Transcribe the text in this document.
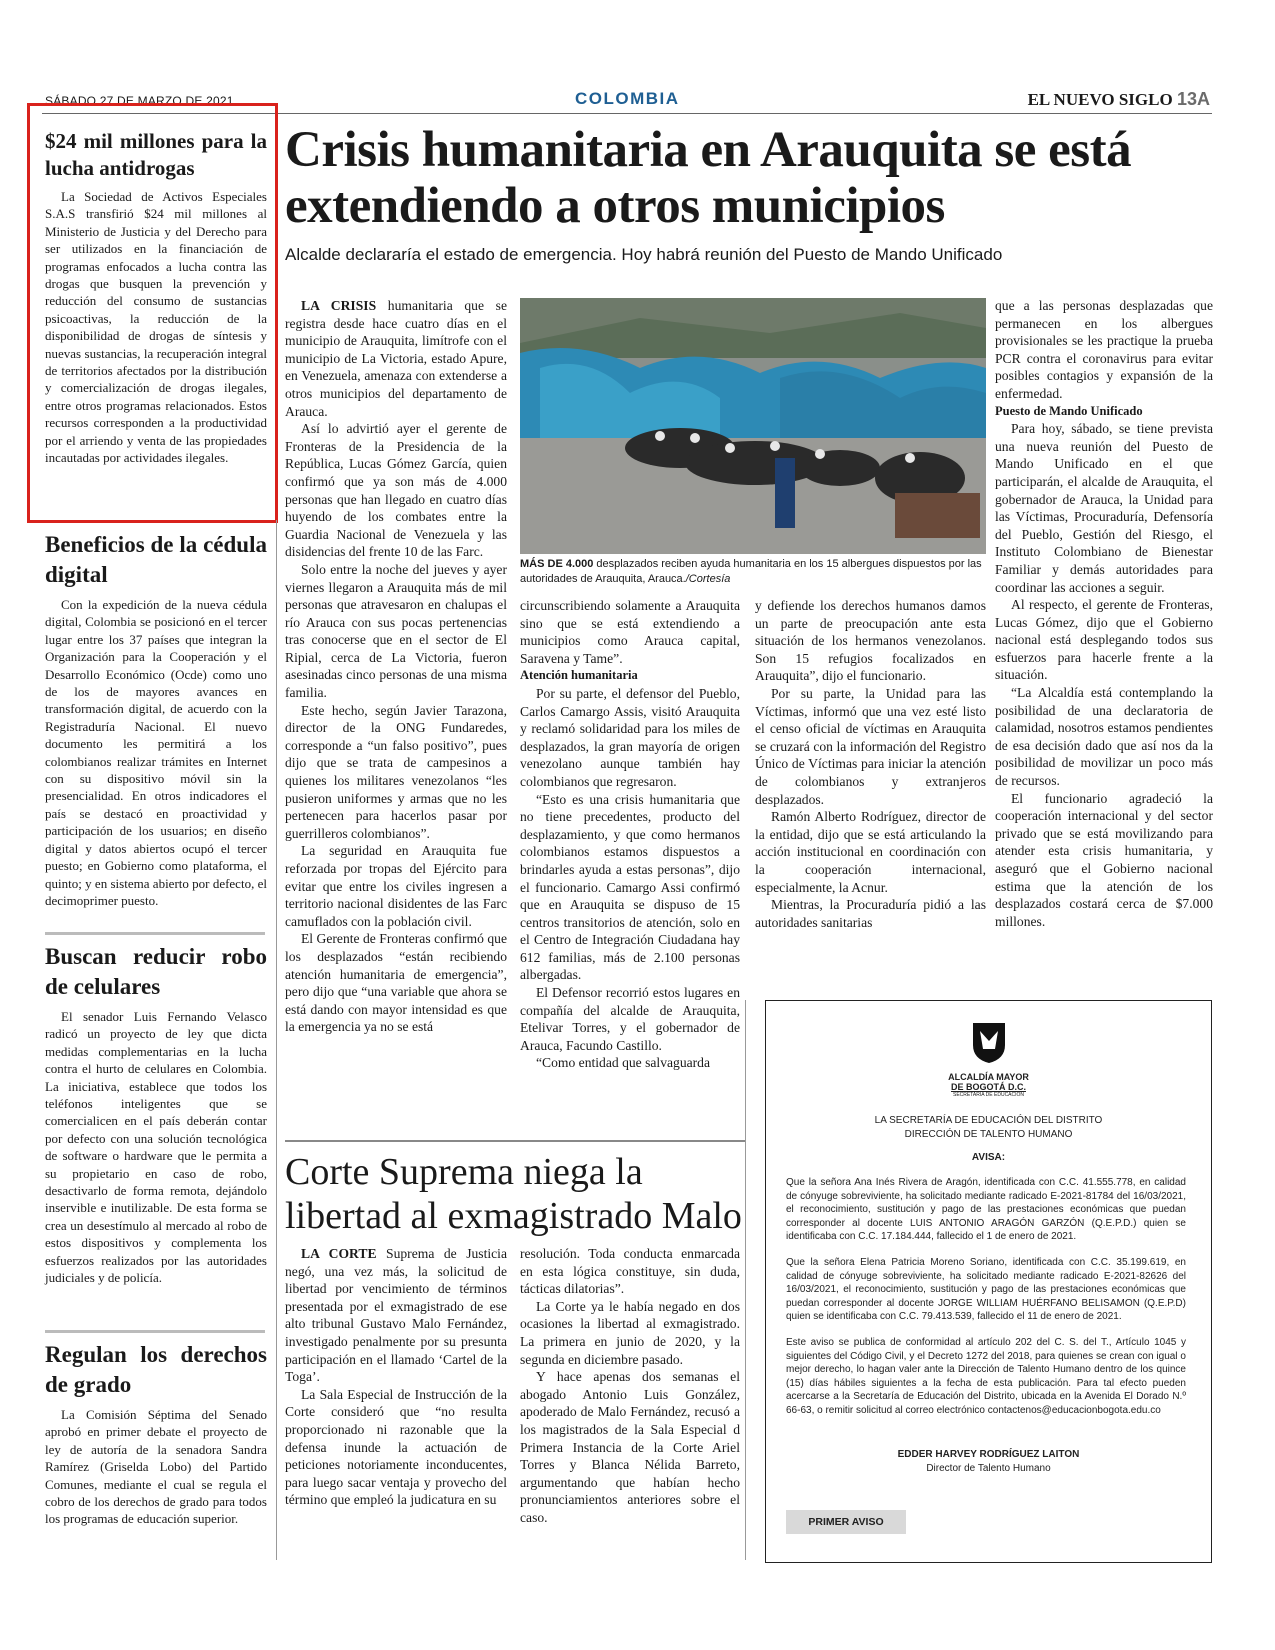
SÁBADO 27 DE MARZO DE 2021	COLOMBIA	EL NUEVO SIGLO 13A
$24 mil millones para la lucha antidrogas

La Sociedad de Activos Especiales S.A.S transfirió $24 mil millones al Ministerio de Justicia y del Derecho para ser utilizados en la financiación de programas enfocados a lucha contra las drogas que busquen la prevención y reducción del consumo de sustancias psicoactivas, la reducción de la disponibilidad de drogas de síntesis y nuevas sustancias, la recuperación integral de territorios afectados por la distribución y comercialización de drogas ilegales, entre otros programas relacionados. Estos recursos corresponden a la productividad por el arriendo y venta de las propiedades incautadas por actividades ilegales.

Beneficios de la cédula digital

Con la expedición de la nueva cédula digital, Colombia se posicionó en el tercer lugar entre los 37 países que integran la Organización para la Cooperación y el Desarrollo Económico (Ocde) como uno de los de mayores avances en transformación digital, de acuerdo con la Registraduría Nacional. El nuevo documento les permitirá a los colombianos realizar trámites en Internet con su dispositivo móvil sin la presencialidad. En otros indicadores el país se destacó en proactividad y participación de los usuarios; en diseño digital y datos abiertos ocupó el tercer puesto; en Gobierno como plataforma, el quinto; y en sistema abierto por defecto, el decimoprimer puesto.

Buscan reducir robo de celulares

El senador Luis Fernando Velasco radicó un proyecto de ley que dicta medidas complementarias en la lucha contra el hurto de celulares en Colombia. La iniciativa, establece que todos los teléfonos inteligentes que se comercialicen en el país deberán contar por defecto con una solución tecnológica de software o hardware que le permita a su propietario en caso de robo, desactivarlo de forma remota, dejándolo inservible e inutilizable. De esta forma se crea un desestímulo al mercado al robo de estos dispositivos y complementa los esfuerzos realizados por las autoridades judiciales y de policía.

Regulan los derechos de grado

La Comisión Séptima del Senado aprobó en primer debate el proyecto de ley de autoría de la senadora Sandra Ramírez (Griselda Lobo) del Partido Comunes, mediante el cual se regula el cobro de los derechos de grado para todos los programas de educación superior.

Crisis humanitaria en Arauquita se está extendiendo a otros municipios
Alcalde declararía el estado de emergencia. Hoy habrá reunión del Puesto de Mando Unificado
MÁS DE 4.000 desplazados reciben ayuda humanitaria en los 15 albergues dispuestos por las autoridades de Arauquita, Arauca./Cortesía

LA CRISIS humanitaria que se registra desde hace cuatro días en el municipio de Arauquita, limítrofe con el municipio de La Victoria, estado Apure, en Venezuela, amenaza con extenderse a otros municipios del departamento de Arauca.

Así lo advirtió ayer el gerente de Fronteras de la Presidencia de la República, Lucas Gómez García, quien confirmó que ya son más de 4.000 personas que han llegado en cuatro días huyendo de los combates entre la Guardia Nacional de Venezuela y las disidencias del frente 10 de las Farc.

Solo entre la noche del jueves y ayer viernes llegaron a Arauquita más de mil personas que atravesaron en chalupas el río Arauca con sus pocas pertenencias tras conocerse que en el sector de El Ripial, cerca de La Victoria, fueron asesinadas cinco personas de una misma familia.

Este hecho, según Javier Tarazona, director de la ONG Fundaredes, corresponde a “un falso positivo”, pues dijo que se trata de campesinos a quienes los militares venezolanos “les pusieron uniformes y armas que no les pertenecen para hacerlos pasar por guerrilleros colombianos”.

La seguridad en Arauquita fue reforzada por tropas del Ejército para evitar que entre los civiles ingresen a territorio nacional disidentes de las Farc camuflados con la población civil.

El Gerente de Fronteras confirmó que los desplazados “están recibiendo atención humanitaria de emergencia”, pero dijo que “una variable que ahora se está dando con mayor intensidad es que la emergencia ya no se está

circunscribiendo solamente a Arauquita sino que se está extendiendo a municipios como Arauca capital, Saravena y Tame”.

Atención humanitaria

Por su parte, el defensor del Pueblo, Carlos Camargo Assis, visitó Arauquita y reclamó solidaridad para los miles de desplazados, la gran mayoría de origen venezolano aunque también hay colombianos que regresaron.

“Esto es una crisis humanitaria que no tiene precedentes, producto del desplazamiento, y que como hermanos colombianos estamos dispuestos a brindarles ayuda a estas personas”, dijo el funcionario. Camargo Assi confirmó que en Arauquita se dispuso de 15 centros transitorios de atención, solo en el Centro de Integración Ciudadana hay 612 familias, más de 2.100 personas albergadas.

El Defensor recorrió estos lugares en compañía del alcalde de Arauquita, Etelivar Torres, y el gobernador de Arauca, Facundo Castillo.

“Como entidad que salvaguarda

y defiende los derechos humanos damos un parte de preocupación ante esta situación de los hermanos venezolanos. Son 15 refugios focalizados en Arauquita”, dijo el funcionario.

Por su parte, la Unidad para las Víctimas, informó que una vez esté listo el censo oficial de víctimas en Arauquita se cruzará con la información del Registro Único de Víctimas para iniciar la atención de colombianos y extranjeros desplazados.

Ramón Alberto Rodríguez, director de la entidad, dijo que se está articulando la acción institucional en coordinación con la cooperación internacional, especialmente, la Acnur.

Mientras, la Procuraduría pidió a las autoridades sanitarias

que a las personas desplazadas que permanecen en los albergues provisionales se les practique la prueba PCR contra el coronavirus para evitar posibles contagios y expansión de la enfermedad.

Puesto de Mando Unificado

Para hoy, sábado, se tiene prevista una nueva reunión del Puesto de Mando Unificado en el que participarán, el alcalde de Arauquita, el gobernador de Arauca, la Unidad para las Víctimas, Procuraduría, Defensoría del Pueblo, Gestión del Riesgo, el Instituto Colombiano de Bienestar Familiar y demás autoridades para coordinar las acciones a seguir.

Al respecto, el gerente de Fronteras, Lucas Gómez, dijo que el Gobierno nacional está desplegando todos sus esfuerzos para hacerle frente a la situación.

“La Alcaldía está contemplando la posibilidad de una declaratoria de calamidad, nosotros estamos pendientes de esa decisión dado que así nos da la posibilidad de movilizar un poco más de recursos.

El funcionario agradeció la cooperación internacional y del sector privado que se está movilizando para atender esta crisis humanitaria, y aseguró que el Gobierno nacional estima que la atención de los desplazados costará cerca de $7.000 millones.

Corte Suprema niega la libertad al exmagistrado Malo

LA CORTE Suprema de Justicia negó, una vez más, la solicitud de libertad por vencimiento de términos presentada por el exmagistrado de ese alto tribunal Gustavo Malo Fernández, investigado penalmente por su presunta participación en el llamado ‘Cartel de la Toga’.

La Sala Especial de Instrucción de la Corte consideró que “no resulta proporcionado ni razonable que la defensa inunde la actuación de peticiones notoriamente inconducentes, para luego sacar ventaja y provecho del término que empleó la judicatura en su

resolución. Toda conducta enmarcada en esta lógica constituye, sin duda, tácticas dilatorias”.

La Corte ya le había negado en dos ocasiones la libertad al exmagistrado. La primera en junio de 2020, y la segunda en diciembre pasado.

Y hace apenas dos semanas el abogado Antonio Luis González, apoderado de Malo Fernández, recusó a los magistrados de la Sala Especial d Primera Instancia de la Corte Ariel Torres y Blanca Nélida Barreto, argumentando que habían hecho pronunciamientos anteriores sobre el caso.

ALCALDÍA MAYOR
DE BOGOTÁ D.C.
SECRETARÍA DE EDUCACIÓN
LA SECRETARÍA DE EDUCACIÓN DEL DISTRITO
DIRECCIÓN DE TALENTO HUMANO
AVISA:
Que la señora Ana Inés Rivera de Aragón, identificada con C.C. 41.555.778, en calidad de cónyuge sobreviviente, ha solicitado mediante radicado E-2021-81784 del 16/03/2021, el reconocimiento, sustitución y pago de las prestaciones económicas que puedan corresponder al docente LUIS ANTONIO ARAGÓN GARZÓN (Q.E.P.D.) quien se identificaba con C.C. 17.184.444, fallecido el 1 de enero de 2021.
Que la señora Elena Patricia Moreno Soriano, identificada con C.C. 35.199.619, en calidad de cónyuge sobreviviente, ha solicitado mediante radicado E-2021-82626 del 16/03/2021, el reconocimiento, sustitución y pago de las prestaciones económicas que puedan corresponder al docente JORGE WILLIAM HUÉRFANO BELISAMON (Q.E.P.D) quien se identificaba con C.C. 79.413.539, fallecido el 11 de enero de 2021.
Este aviso se publica de conformidad al artículo 202 del C. S. del T., Artículo 1045 y siguientes del Código Civil, y el Decreto 1272 del 2018, para quienes se crean con igual o mejor derecho, lo hagan valer ante la Dirección de Talento Humano dentro de los quince (15) días hábiles siguientes a la fecha de esta publicación. Para tal efecto pueden acercarse a la Secretaría de Educación del Distrito, ubicada en la Avenida El Dorado N.º 66-63, o remitir solicitud al correo electrónico contactenos@educacionbogota.edu.co
EDDER HARVEY RODRÍGUEZ LAITON
Director de Talento Humano
PRIMER AVISO
